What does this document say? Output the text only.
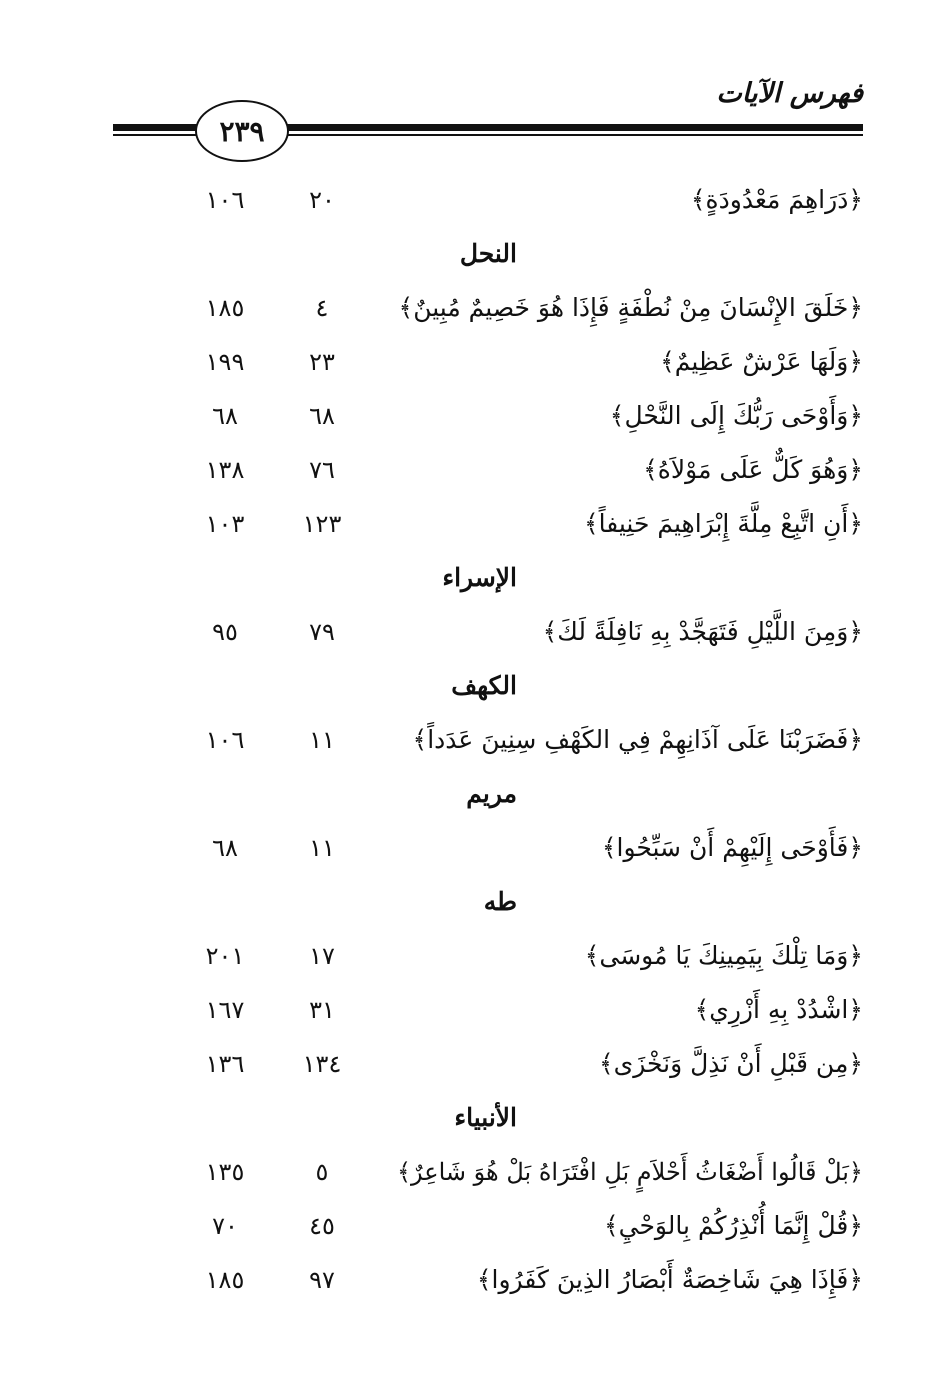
فهرس الآيات
٢٣٩
﴿دَرَاهِمَ مَعْدُودَةٍ﴾
٢٠
١٠٦
النحل
﴿خَلَقَ الإِنْسَانَ مِنْ نُطْفَةٍ فَإِذَا هُوَ خَصِيمٌ مُبِينٌ﴾
٤
١٨٥
﴿وَلَهَا عَرْشٌ عَظِيمٌ﴾
٢٣
١٩٩
﴿وَأَوْحَى رَبُّكَ إِلَى النَّحْلِ﴾
٦٨
٦٨
﴿وَهُوَ كَلٌّ عَلَى مَوْلاَهُ﴾
٧٦
١٣٨
﴿أَنِ اتَّبِعْ مِلَّةَ إِبْرَاهِيمَ حَنِيفاً﴾
١٢٣
١٠٣
الإسراء
﴿وَمِنَ اللَّيْلِ فَتَهَجَّدْ بِهِ نَافِلَةً لَكَ﴾
٧٩
٩٥
الكهف
﴿فَضَرَبْنَا عَلَى آذَانِهِمْ فِي الكَهْفِ سِنِينَ عَدَداً﴾
١١
١٠٦
مريم
﴿فَأَوْحَى إِلَيْهِمْ أَنْ سَبِّحُوا﴾
١١
٦٨
طه
﴿وَمَا تِلْكَ بِيَمِينِكَ يَا مُوسَى﴾
١٧
٢٠١
﴿اشْدُدْ بِهِ أَزْرِي﴾
٣١
١٦٧
﴿مِن قَبْلِ أَنْ نَذِلَّ وَنَخْزَى﴾
١٣٤
١٣٦
الأنبياء
﴿بَلْ قَالُوا أَضْغَاثُ أَحْلاَمٍ بَلِ افْتَرَاهُ بَلْ هُوَ شَاعِرٌ﴾
٥
١٣٥
﴿قُلْ إِنَّمَا أُنْذِرُكُمْ بِالوَحْيِ﴾
٤٥
٧٠
﴿فَإِذَا هِيَ شَاخِصَةٌ أَبْصَارُ الذِينَ كَفَرُوا﴾
٩٧
١٨٥
